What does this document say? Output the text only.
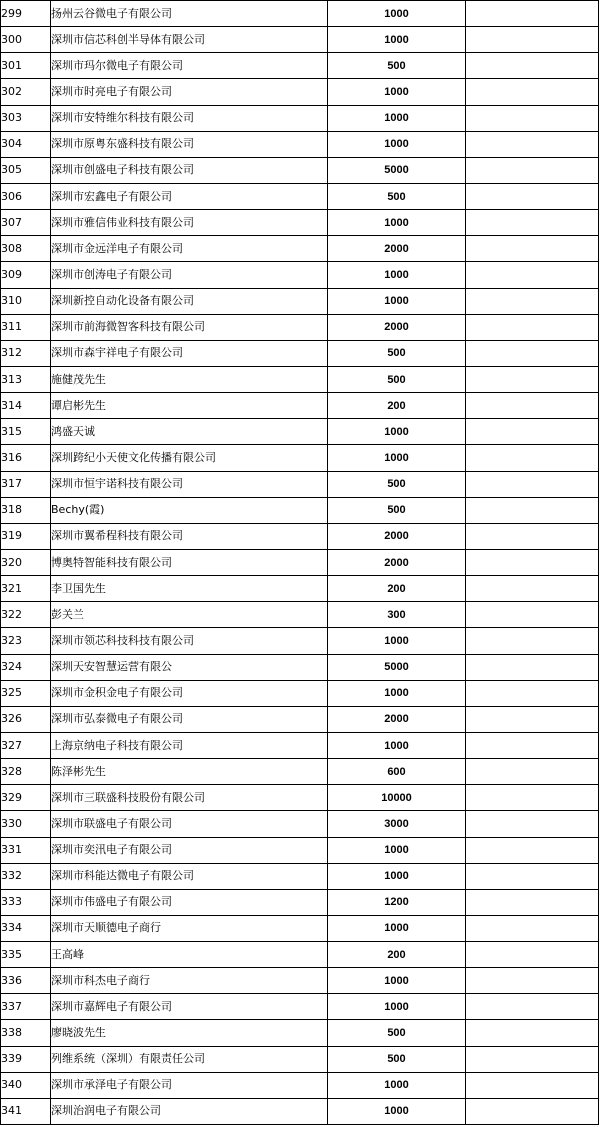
299	扬州云谷微电子有限公司	1000	
300	深圳市信芯科创半导体有限公司	1000	
301	深圳市玛尔微电子有限公司	500	
302	深圳市时亮电子有限公司	1000	
303	深圳市安特维尔科技有限公司	1000	
304	深圳市原粤东盛科技有限公司	1000	
305	深圳市创盛电子科技有限公司	5000	
306	深圳市宏鑫电子有限公司	500	
307	深圳市雅信伟业科技有限公司	1000	
308	深圳市金远洋电子有限公司	2000	
309	深圳市创涛电子有限公司	1000	
310	深圳新控自动化设备有限公司	1000	
311	深圳市前海微智客科技有限公司	2000	
312	深圳市森宇祥电子有限公司	500	
313	施健茂先生	500	
314	谭启彬先生	200	
315	鸿盛天诚	1000	
316	深圳跨纪小天使文化传播有限公司	1000	
317	深圳市恒宇诺科技有限公司	500	
318	Bechy(霞)	500	
319	深圳市翼希程科技有限公司	2000	
320	博奥特智能科技有限公司	2000	
321	李卫国先生	200	
322	彭关兰	300	
323	深圳市领芯科技科技有限公司	1000	
324	深圳天安智慧运营有限公	5000	
325	深圳市金积金电子有限公司	1000	
326	深圳市弘泰微电子有限公司	2000	
327	上海京纳电子科技有限公司	1000	
328	陈泽彬先生	600	
329	深圳市三联盛科技股份有限公司	10000	
330	深圳市联盛电子有限公司	3000	
331	深圳市奕汛电子有限公司	1000	
332	深圳市科能达微电子有限公司	1000	
333	深圳市伟盛电子有限公司	1200	
334	深圳市天顺德电子商行	1000	
335	王高峰	200	
336	深圳市科杰电子商行	1000	
337	深圳市嘉辉电子有限公司	1000	
338	廖晓波先生	500	
339	列维系统（深圳）有限责任公司	500	
340	深圳市承泽电子有限公司	1000	
341	深圳治润电子有限公司	1000	
